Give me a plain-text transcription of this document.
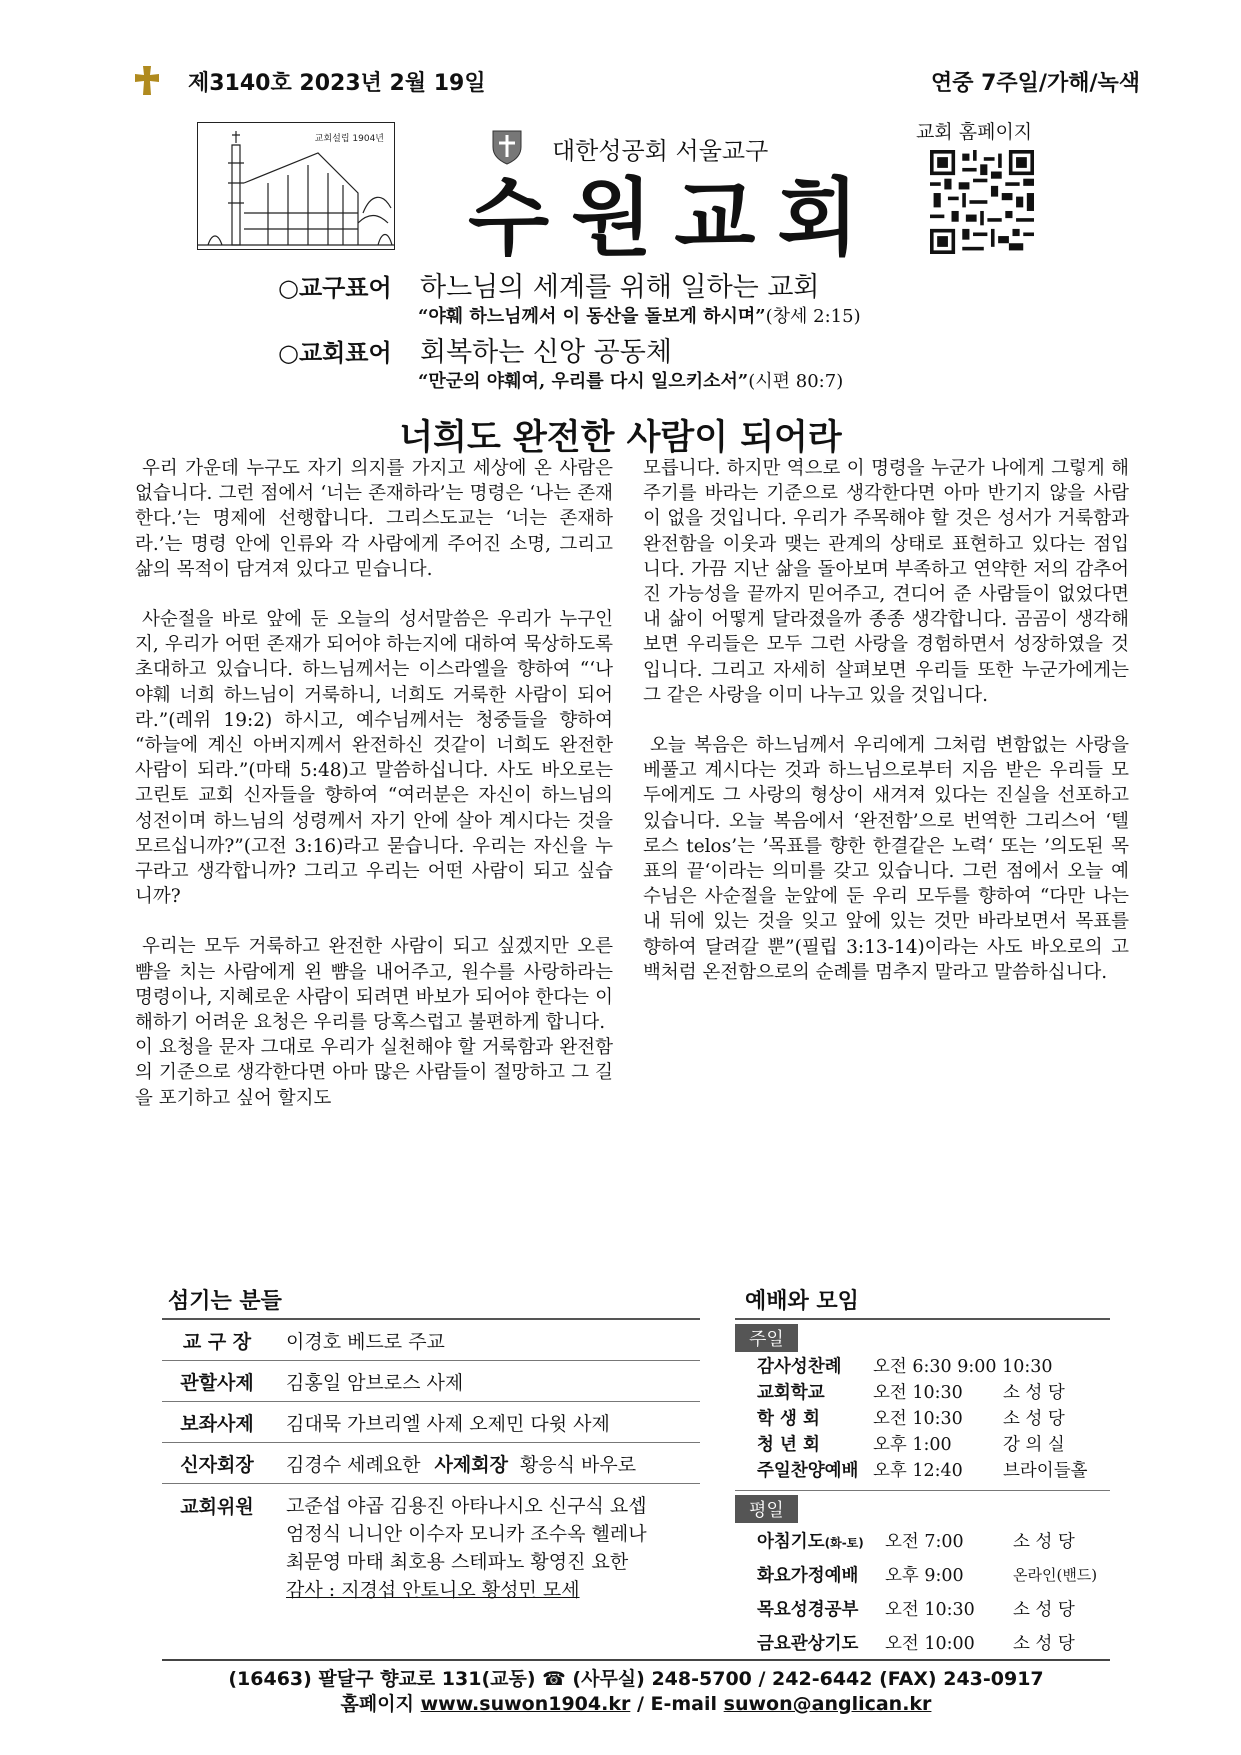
제3140호 2023년 2월 19일	연중 7주일/가해/녹색
교회설립 1904년	대한성공회 서울교구
수원교회
교회 홈페이지
○교구표어 하느님의 세계를 위해 일하는 교회
“야훼 하느님께서 이 동산을 돌보게 하시며”(창세 2:15)
○교회표어 회복하는 신앙 공동체
“만군의 야훼여, 우리를 다시 일으키소서”(시편 80:7)
너희도 완전한 사람이 되어라

우리 가운데 누구도 자기 의지를 가지고 세상에 온 사람은 없습니다. 그런 점에서 ‘너는 존재하라’는 명령은 ‘나는 존재한다.’는 명제에 선행합니다. 그리스도교는 ‘너는 존재하라.’는 명령 안에 인류와 각 사람에게 주어진 소명, 그리고 삶의 목적이 담겨져 있다고 믿습니다.

사순절을 바로 앞에 둔 오늘의 성서말씀은 우리가 누구인지, 우리가 어떤 존재가 되어야 하는지에 대하여 묵상하도록 초대하고 있습니다. 하느님께서는 이스라엘을 향하여 “‘나 야훼 너희 하느님이 거룩하니, 너희도 거룩한 사람이 되어라.”(레위 19:2) 하시고, 예수님께서는 청중들을 향하여 “하늘에 계신 아버지께서 완전하신 것같이 너희도 완전한 사람이 되라.”(마태 5:48)고 말씀하십니다. 사도 바오로는 고린토 교회 신자들을 향하여 “여러분은 자신이 하느님의 성전이며 하느님의 성령께서 자기 안에 살아 계시다는 것을 모르십니까?”(고전 3:16)라고 묻습니다. 우리는 자신을 누구라고 생각합니까? 그리고 우리는 어떤 사람이 되고 싶습니까?

우리는 모두 거룩하고 완전한 사람이 되고 싶겠지만 오른 뺨을 치는 사람에게 왼 뺨을 내어주고, 원수를 사랑하라는 명령이나, 지혜로운 사람이 되려면 바보가 되어야 한다는 이해하기 어려운 요청은 우리를 당혹스럽고 불편하게 합니다.

이 요청을 문자 그대로 우리가 실천해야 할 거룩함과 완전함의 기준으로 생각한다면 아마 많은 사람들이 절망하고 그 길을 포기하고 싶어 할지도

모릅니다. 하지만 역으로 이 명령을 누군가 나에게 그렇게 해 주기를 바라는 기준으로 생각한다면 아마 반기지 않을 사람이 없을 것입니다. 우리가 주목해야 할 것은 성서가 거룩함과 완전함을 이웃과 맺는 관계의 상태로 표현하고 있다는 점입니다. 가끔 지난 삶을 돌아보며 부족하고 연약한 저의 감추어진 가능성을 끝까지 믿어주고, 견디어 준 사람들이 없었다면 내 삶이 어떻게 달라졌을까 종종 생각합니다. 곰곰이 생각해보면 우리들은 모두 그런 사랑을 경험하면서 성장하였을 것입니다. 그리고 자세히 살펴보면 우리들 또한 누군가에게는 그 같은 사랑을 이미 나누고 있을 것입니다.

오늘 복음은 하느님께서 우리에게 그처럼 변함없는 사랑을 베풀고 계시다는 것과 하느님으로부터 지음 받은 우리들 모두에게도 그 사랑의 형상이 새겨져 있다는 진실을 선포하고 있습니다. 오늘 복음에서 ‘완전함’으로 번역한 그리스어 ‘텔로스 telos’는 ’목표를 향한 한결같은 노력‘ 또는 ’의도된 목표의 끝‘이라는 의미를 갖고 있습니다. 그런 점에서 오늘 예수님은 사순절을 눈앞에 둔 우리 모두를 향하여 “다만 나는 내 뒤에 있는 것을 잊고 앞에 있는 것만 바라보면서 목표를 향하여 달려갈 뿐”(필립 3:13-14)이라는 사도 바오로의 고백처럼 온전함으로의 순례를 멈추지 말라고 말씀하십니다.

섬기는 분들
교 구 장	이경호 베드로 주교
관할사제	김홍일 암브로스 사제
보좌사제	김대묵 가브리엘 사제 오제민 다윗 사제
신자회장	김경수 세례요한 사제회장 황응식 바우로
교회위원	고준섭 야곱 김용진 아타나시오 신구식 요셉
엄정식 니니안 이수자 모니카 조수옥 헬레나
최문영 마태 최호용 스테파노 황영진 요한
감사 : 지경섭 안토니오 황성민 모세
예배와 모임
주일
감사성찬례	오전 6:30 9:00 10:30
교회학교	오전 10:30	소 성 당
학 생 회	오전 10:30	소 성 당
청 년 회	오후 1:00	강 의 실
주일찬양예배 오후 12:40	브라이들홀
평일
아침기도(화-토)	오전 7:00	소 성 당
화요가정예배	오후 9:00	온라인(밴드)
목요성경공부	오전 10:30	소 성 당
금요관상기도	오전 10:00	소 성 당
(16463) 팔달구 향교로 131(교동) ☎ (사무실) 248-5700 / 242-6442 (FAX) 243-0917
홈페이지 www.suwon1904.kr / E-mail suwon@anglican.kr
